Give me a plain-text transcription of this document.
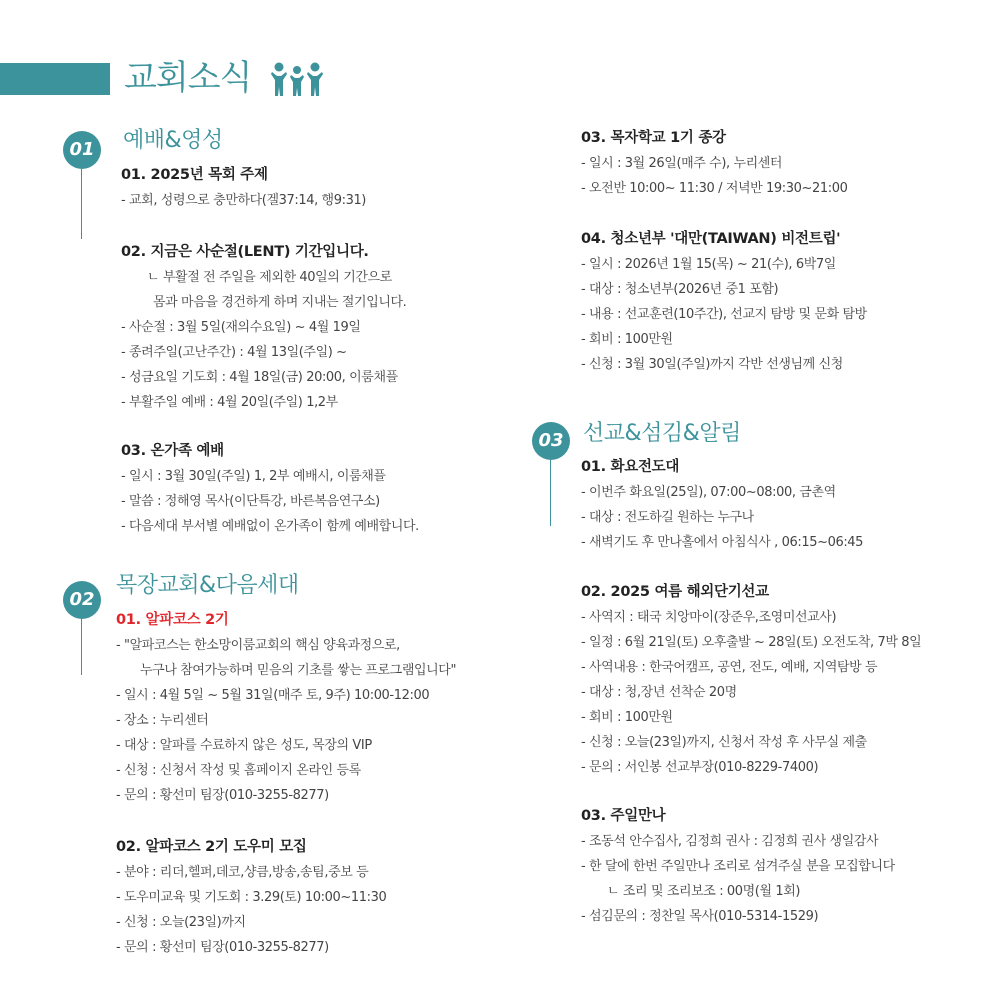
교회소식
01 예배&영성
01. 2025년 목회 주제
- 교회, 성령으로 충만하다(겔37:14, 행9:31)
02. 지금은 사순절(LENT) 기간입니다.
ㄴ 부활절 전 주일을 제외한 40일의 기간으로
몸과 마음을 경건하게 하며 지내는 절기입니다.
- 사순절 : 3월 5일(재의수요일) ~ 4월 19일
- 종려주일(고난주간) : 4월 13일(주일) ~
- 성금요일 기도회 : 4월 18일(금) 20:00, 이룸채플
- 부활주일 예배 : 4월 20일(주일) 1,2부
03. 온가족 예배
- 일시 : 3월 30일(주일) 1, 2부 예배시, 이룸채플
- 말씀 : 정해영 목사(이단특강, 바른복음연구소)
- 다음세대 부서별 예배없이 온가족이 함께 예배합니다.
02
목장교회&다음세대
01. 알파코스 2기
- "알파코스는 한소망이룸교회의 핵심 양육과정으로,
누구나 참여가능하며 믿음의 기초를 쌓는 프로그램입니다"
- 일시 : 4월 5일 ~ 5월 31일(매주 토, 9주) 10:00-12:00
- 장소 : 누리센터
- 대상 : 알파를 수료하지 않은 성도, 목장의 VIP
- 신청 : 신청서 작성 및 홈페이지 온라인 등록
- 문의 : 황선미 팀장(010-3255-8277)
02. 알파코스 2기 도우미 모집
- 분야 : 리더,헬퍼,데코,샹큼,방송,송팀,중보 등
- 도우미교육 및 기도회 : 3.29(토) 10:00~11:30
- 신청 : 오늘(23일)까지
- 문의 : 황선미 팀장(010-3255-8277)
03. 목자학교 1기 종강
- 일시 : 3월 26일(매주 수), 누리센터
- 오전반 10:00~ 11:30 / 저녁반 19:30~21:00
04. 청소년부 '대만(TAIWAN) 비전트립'
- 일시 : 2026년 1월 15(목) ~ 21(수), 6박7일
- 대상 : 청소년부(2026년 중1 포함)
- 내용 : 선교훈련(10주간), 선교지 탐방 및 문화 탐방
- 회비 : 100만원
- 신청 : 3월 30일(주일)까지 각반 선생님께 신청
03 선교&섬김&알림
01. 화요전도대
- 이번주 화요일(25일), 07:00~08:00, 금촌역
- 대상 : 전도하길 원하는 누구나
- 새벽기도 후 만나홀에서 아침식사 , 06:15~06:45
02. 2025 여름 해외단기선교
- 사역지 : 태국 치앙마이(장준우,조영미선교사)
- 일정 : 6월 21일(토) 오후출발 ~ 28일(토) 오전도착, 7박 8일
- 사역내용 : 한국어캠프, 공연, 전도, 예배, 지역탐방 등
- 대상 : 청,장년 선착순 20명
- 회비 : 100만원
- 신청 : 오늘(23일)까지, 신청서 작성 후 사무실 제출
- 문의 : 서인봉 선교부장(010-8229-7400)
03. 주일만나
- 조동석 안수집사, 김정희 권사 : 김정희 권사 생일감사
- 한 달에 한번 주일만나 조리로 섬겨주실 분을 모집합니다
ㄴ 조리 및 조리보조 : 00명(월 1회)
- 섬김문의 : 정찬일 목사(010-5314-1529)
